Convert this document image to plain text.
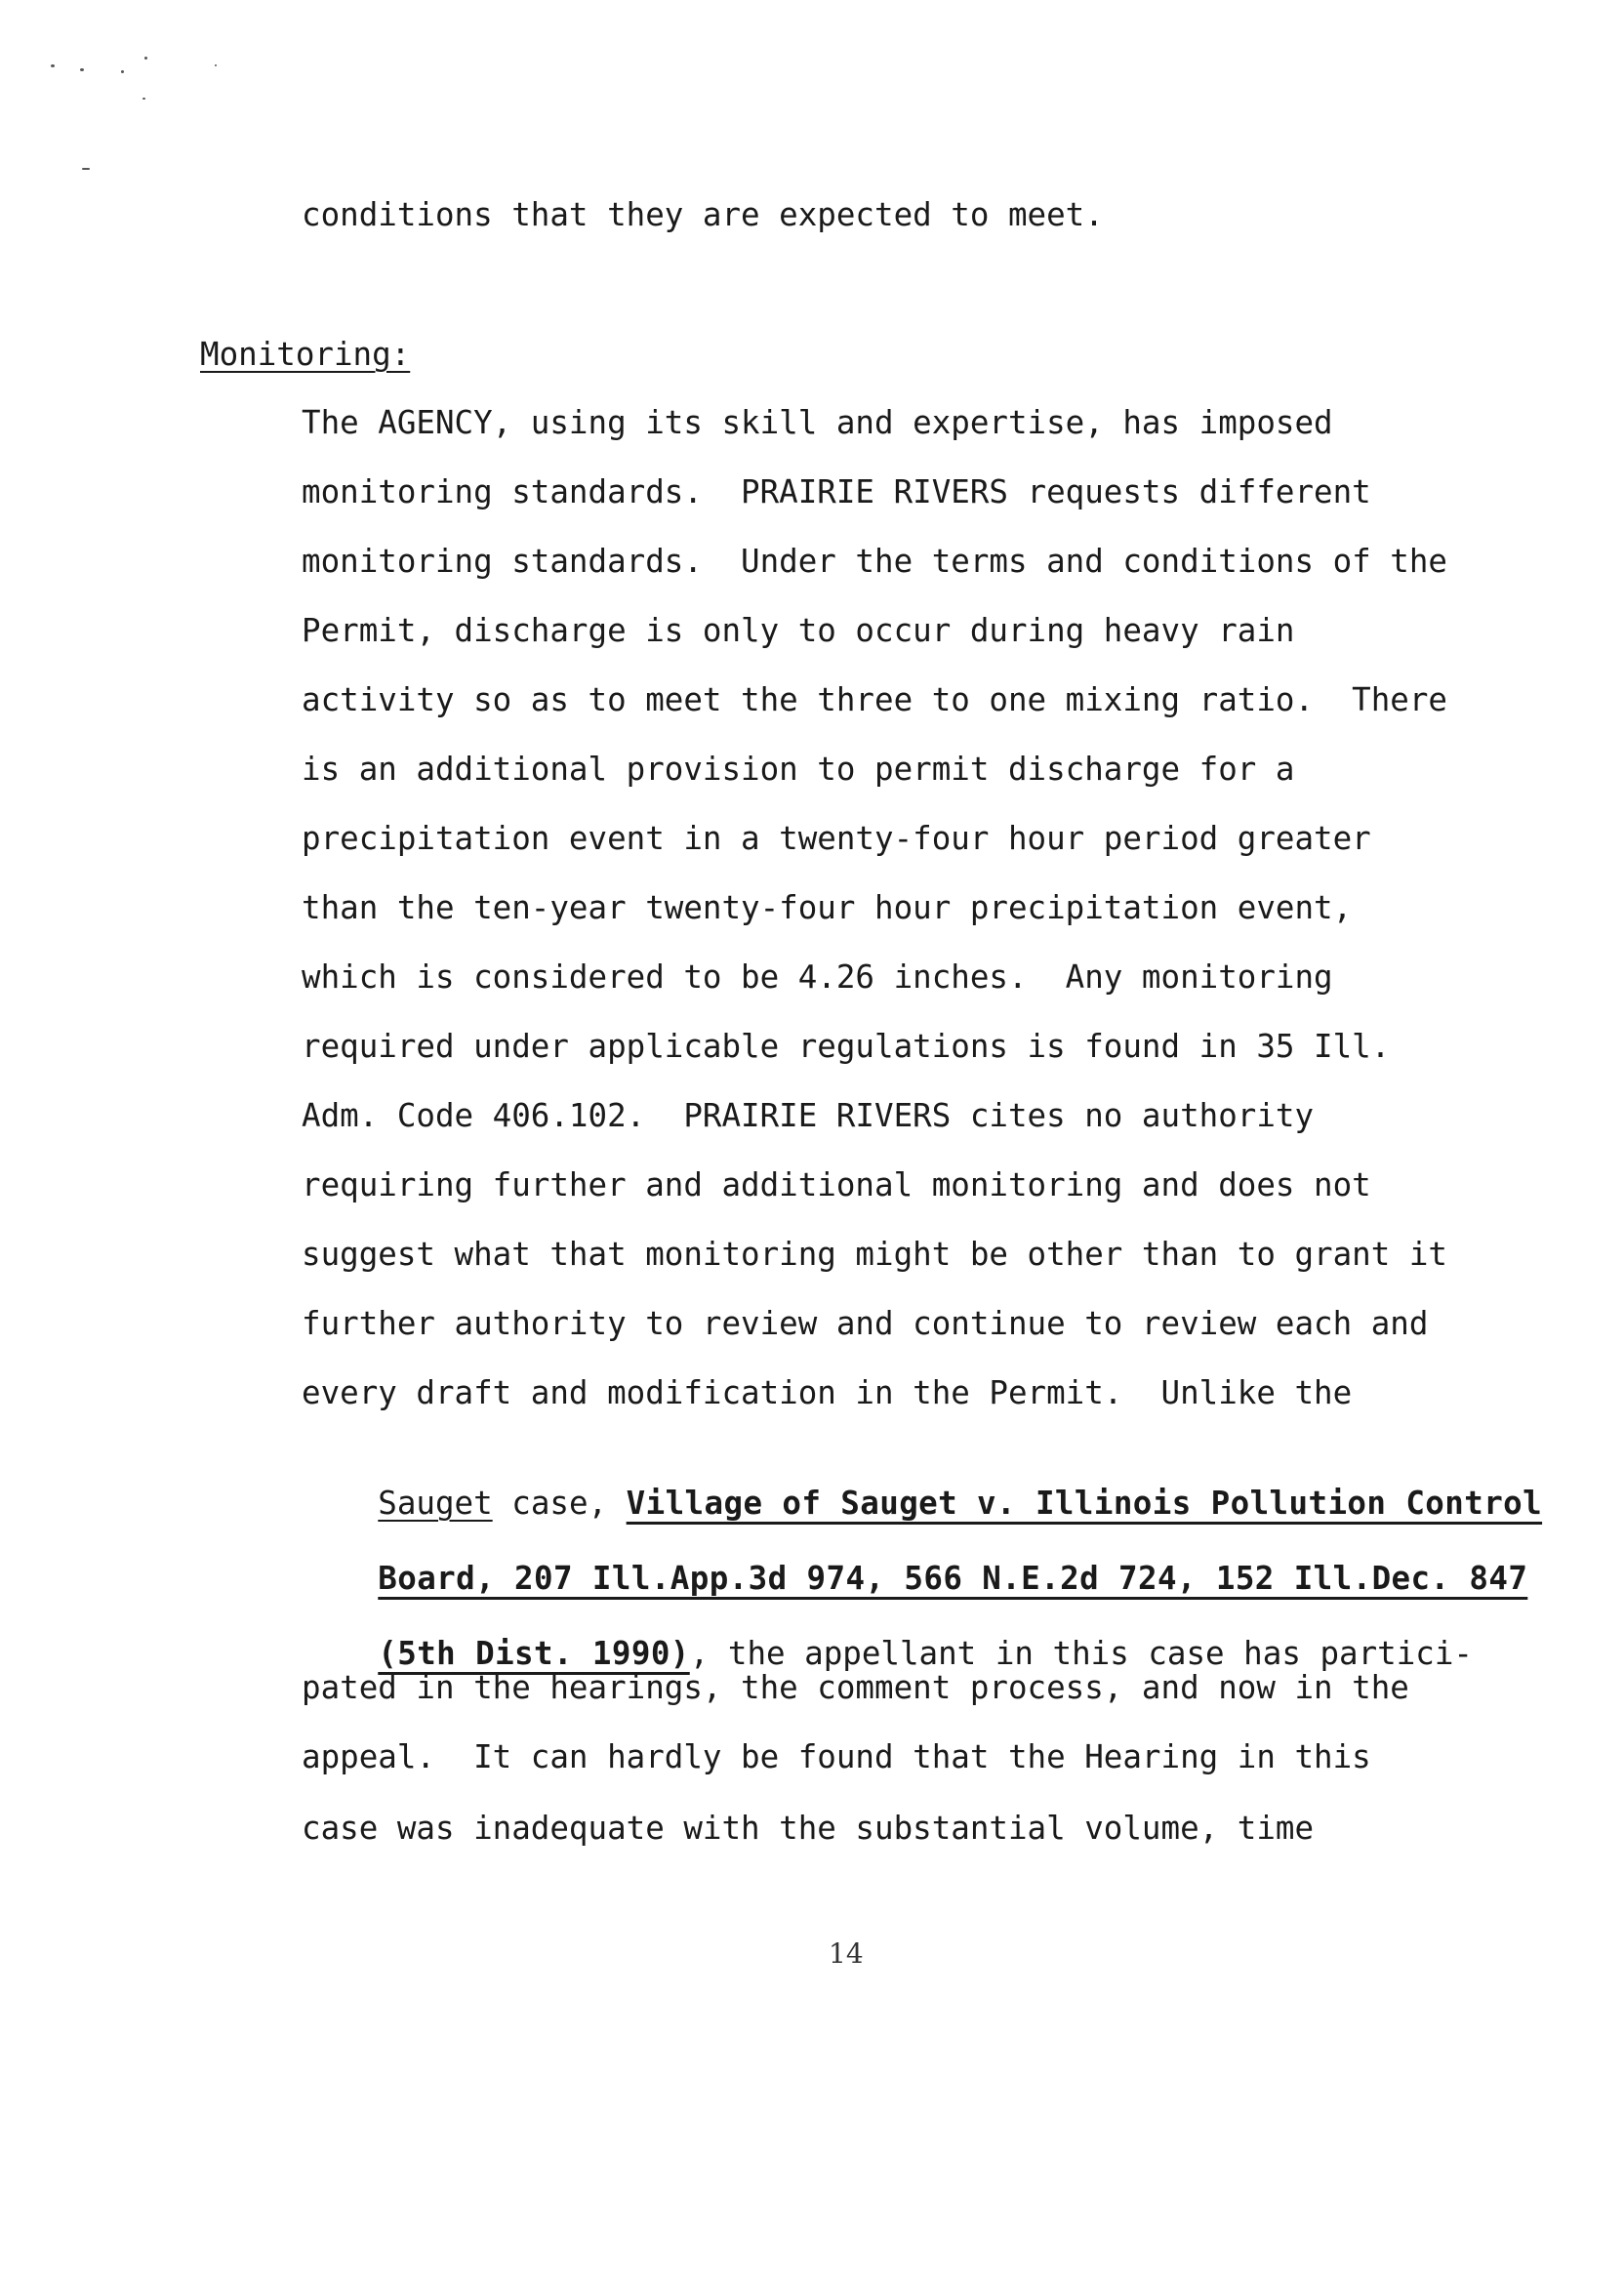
conditions that they are expected to meet.
Monitoring:
The AGENCY, using its skill and expertise, has imposed
monitoring standards.  PRAIRIE RIVERS requests different
monitoring standards.  Under the terms and conditions of the
Permit, discharge is only to occur during heavy rain
activity so as to meet the three to one mixing ratio.  There
is an additional provision to permit discharge for a
precipitation event in a twenty-four hour period greater
than the ten-year twenty-four hour precipitation event,
which is considered to be 4.26 inches.  Any monitoring
required under applicable regulations is found in 35 Ill.
Adm. Code 406.102.  PRAIRIE RIVERS cites no authority
requiring further and additional monitoring and does not
suggest what that monitoring might be other than to grant it
further authority to review and continue to review each and
every draft and modification in the Permit.  Unlike the

Sauget case, Village of Sauget v. Illinois Pollution Control

Board, 207 Ill.App.3d 974, 566 N.E.2d 724, 152 Ill.Dec. 847

(5th Dist. 1990), the appellant in this case has partici-

pated in the hearings, the comment process, and now in the
appeal.  It can hardly be found that the Hearing in this
case was inadequate with the substantial volume, time
14
